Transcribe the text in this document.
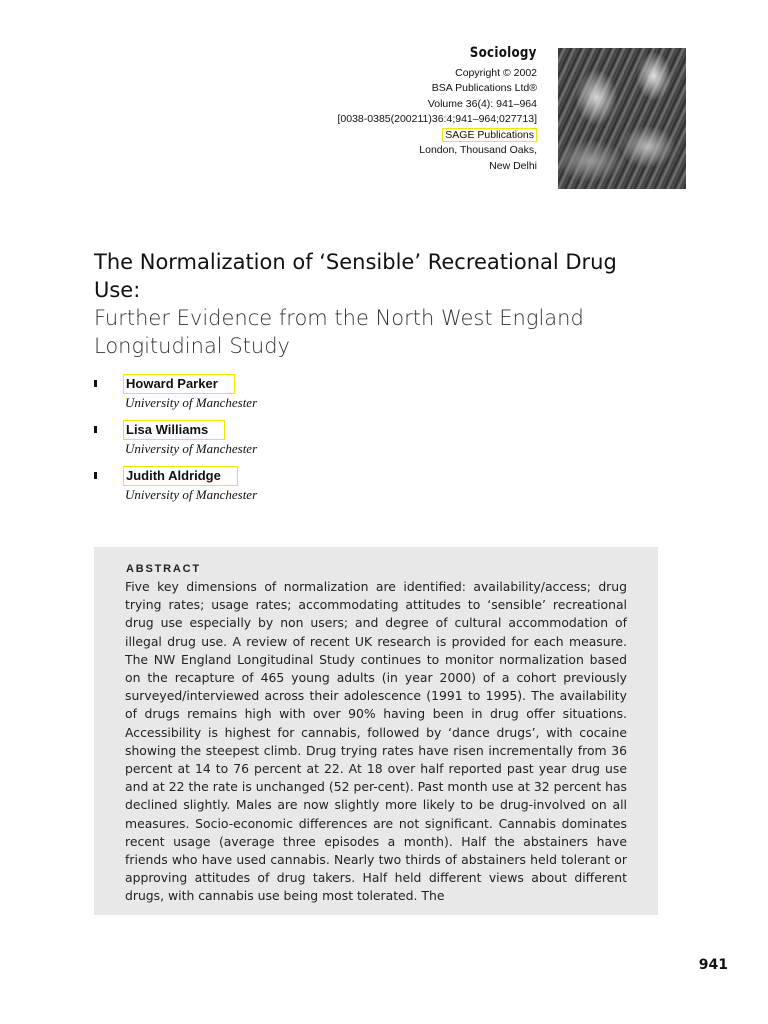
Sociology
Copyright © 2002
BSA Publications Ltd®
Volume 36(4): 941–964
[0038-0385(200211)36:4;941–964;027713]
SAGE Publications
London, Thousand Oaks,
New Delhi
The Normalization of ‘Sensible’ Recreational Drug Use:
Further Evidence from the North West England Longitudinal Study
Howard Parker
University of Manchester
Lisa Williams
University of Manchester
Judith Aldridge
University of Manchester
ABSTRACT

Five key dimensions of normalization are identified: availability/access; drug trying rates; usage rates; accommodating attitudes to ‘sensible’ recreational drug use especially by non users; and degree of cultural accommodation of illegal drug use. A review of recent UK research is provided for each measure. The NW England Longitudinal Study continues to monitor normalization based on the recapture of 465 young adults (in year 2000) of a cohort previously surveyed/interviewed across their adolescence (1991 to 1995). The availability of drugs remains high with over 90% having been in drug offer situations. Accessibility is highest for cannabis, followed by ‘dance drugs’, with cocaine showing the steepest climb. Drug trying rates have risen incrementally from 36 percent at 14 to 76 percent at 22. At 18 over half reported past year drug use and at 22 the rate is unchanged (52 per-cent). Past month use at 32 percent has declined slightly. Males are now slightly more likely to be drug-involved on all measures. Socio-economic differences are not significant. Cannabis dominates recent usage (average three episodes a month). Half the abstainers have friends who have used cannabis. Nearly two thirds of abstainers held tolerant or approving attitudes of drug takers. Half held different views about different drugs, with cannabis use being most tolerated. The

941
